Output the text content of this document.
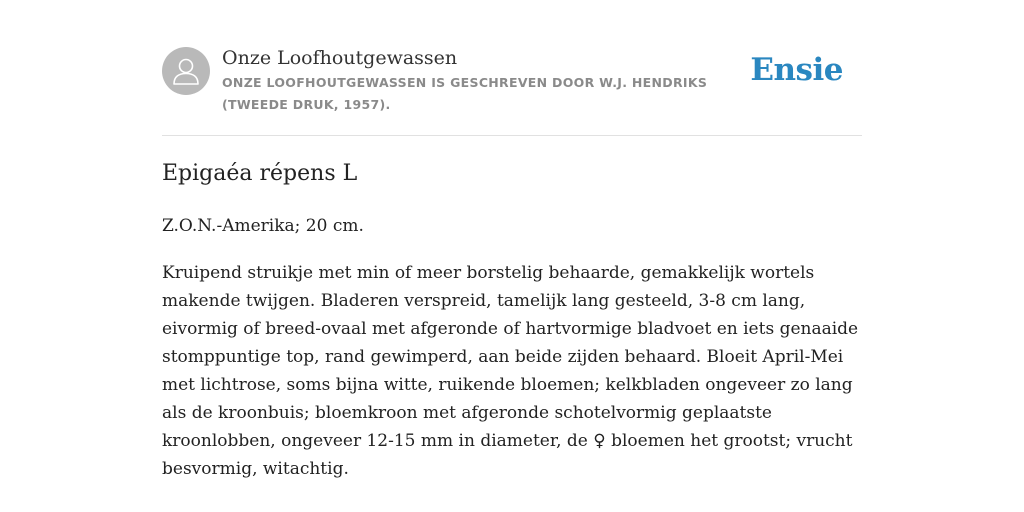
Onze Loofhoutgewassen
ONZE LOOFHOUTGEWASSEN IS GESCHREVEN DOOR W.J. HENDRIKS (TWEEDE DRUK, 1957).
Ensie
Epigaéa répens L

Z.O.N.-Amerika; 20 cm.

Kruipend struikje met min of meer borstelig behaarde, gemakkelijk wortels makende twijgen. Bladeren verspreid, tamelijk lang gesteeld, 3-8 cm lang, eivormig of breed-ovaal met afgeronde of hartvormige bladvoet en iets genaaide stomppuntige top, rand gewimperd, aan beide zijden behaard. Bloeit April-Mei met lichtrose, soms bijna witte, ruikende bloemen; kelkbladen ongeveer zo lang als de kroonbuis; bloemkroon met afgeronde schotelvormig geplaatste kroonlobben, ongeveer 12-15 mm in diameter, de ♀ bloemen het grootst; vrucht besvormig, witachtig.
